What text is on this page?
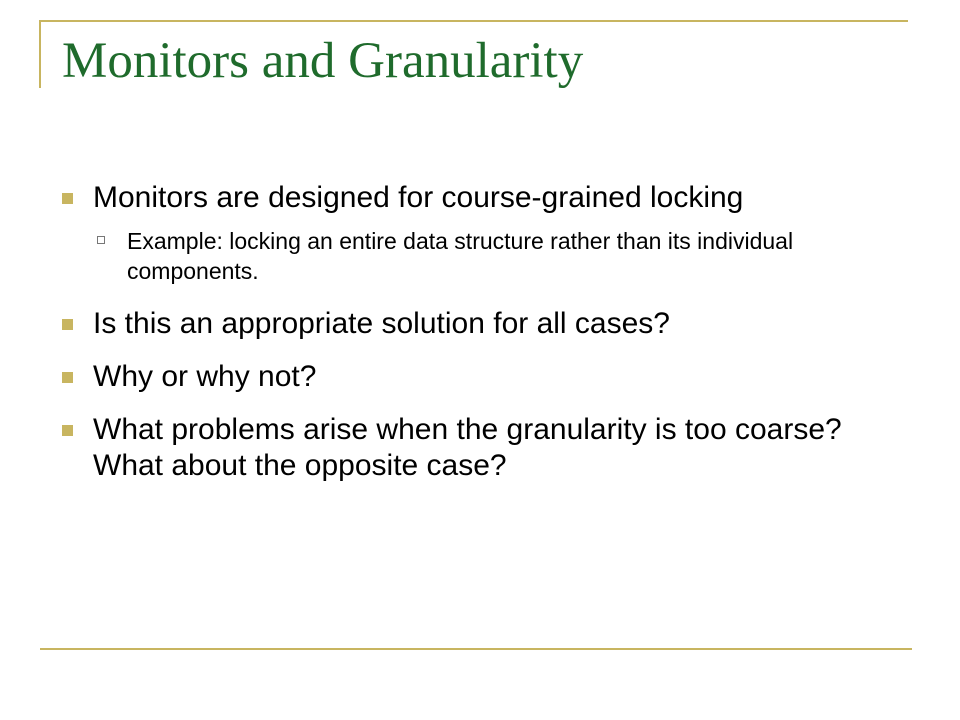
Monitors and Granularity
Monitors are designed for course-grained locking
Example: locking an entire data structure rather than its individual components.
Is this an appropriate solution for all cases?
Why or why not?
What problems arise when the granularity is too coarse? What about the opposite case?
